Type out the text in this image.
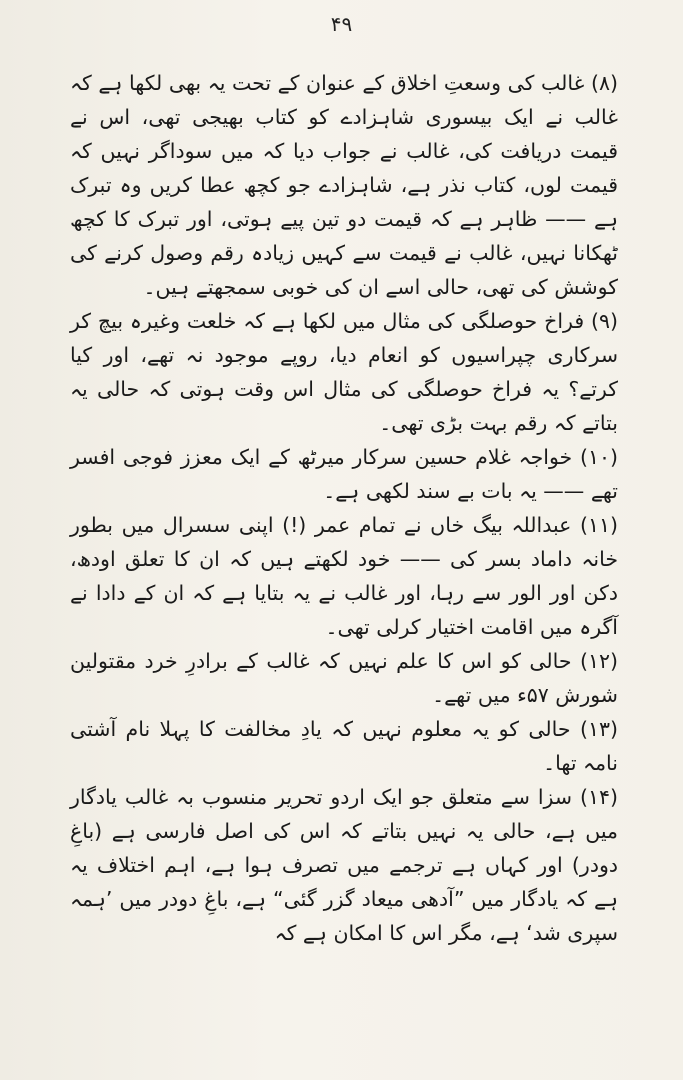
۴۹

(۸) غالب کی وسعتِ اخلاق کے عنوان کے تحت یہ بھی لکھا ہے کہ غالب نے ایک بیسوری شاہزادے کو کتاب بھیجی تھی، اس نے قیمت دریافت کی، غالب نے جواب دیا کہ میں سوداگر نہیں کہ قیمت لوں، کتاب نذر ہے، شاہزادے جو کچھ عطا کریں وہ تبرک ہے —— ظاہر ہے کہ قیمت دو تین پیے ہوتی، اور تبرک کا کچھ ٹھکانا نہیں، غالب نے قیمت سے کہیں زیادہ رقم وصول کرنے کی کوشش کی تھی، حالی اسے ان کی خوبی سمجھتے ہیں۔

(۹) فراخ حوصلگی کی مثال میں لکھا ہے کہ خلعت وغیرہ بیچ کر سرکاری چپراسیوں کو انعام دیا، روپے موجود نہ تھے، اور کیا کرتے؟ یہ فراخ حوصلگی کی مثال اس وقت ہوتی کہ حالی یہ بتاتے کہ رقم بہت بڑی تھی۔

(۱۰) خواجہ غلام حسین سرکار میرٹھ کے ایک معزز فوجی افسر تھے —— یہ بات بے سند لکھی ہے۔

(۱۱) عبداللہ بیگ خاں نے تمام عمر (!) اپنی سسرال میں بطور خانہ داماد بسر کی —— خود لکھتے ہیں کہ ان کا تعلق اودھ، دکن اور الور سے رہا، اور غالب نے یہ بتایا ہے کہ ان کے دادا نے آگرہ میں اقامت اختیار کرلی تھی۔

(۱۲) حالی کو اس کا علم نہیں کہ غالب کے برادرِ خرد مقتولین شورش ۵۷ء میں تھے۔

(۱۳) حالی کو یہ معلوم نہیں کہ یادِ مخالفت کا پہلا نام آشتی نامہ تھا۔

(۱۴) سزا سے متعلق جو ایک اردو تحریر منسوب بہ غالب یادگار میں ہے، حالی یہ نہیں بتاتے کہ اس کی اصل فارسی ہے (باغِ دودر) اور کہاں ہے ترجمے میں تصرف ہوا ہے، اہم اختلاف یہ ہے کہ یادگار میں ”آدھی میعاد گزر گئی“ ہے، باغِ دودر میں ’ہمہ سپری شد‘ ہے، مگر اس کا امکان ہے کہ
